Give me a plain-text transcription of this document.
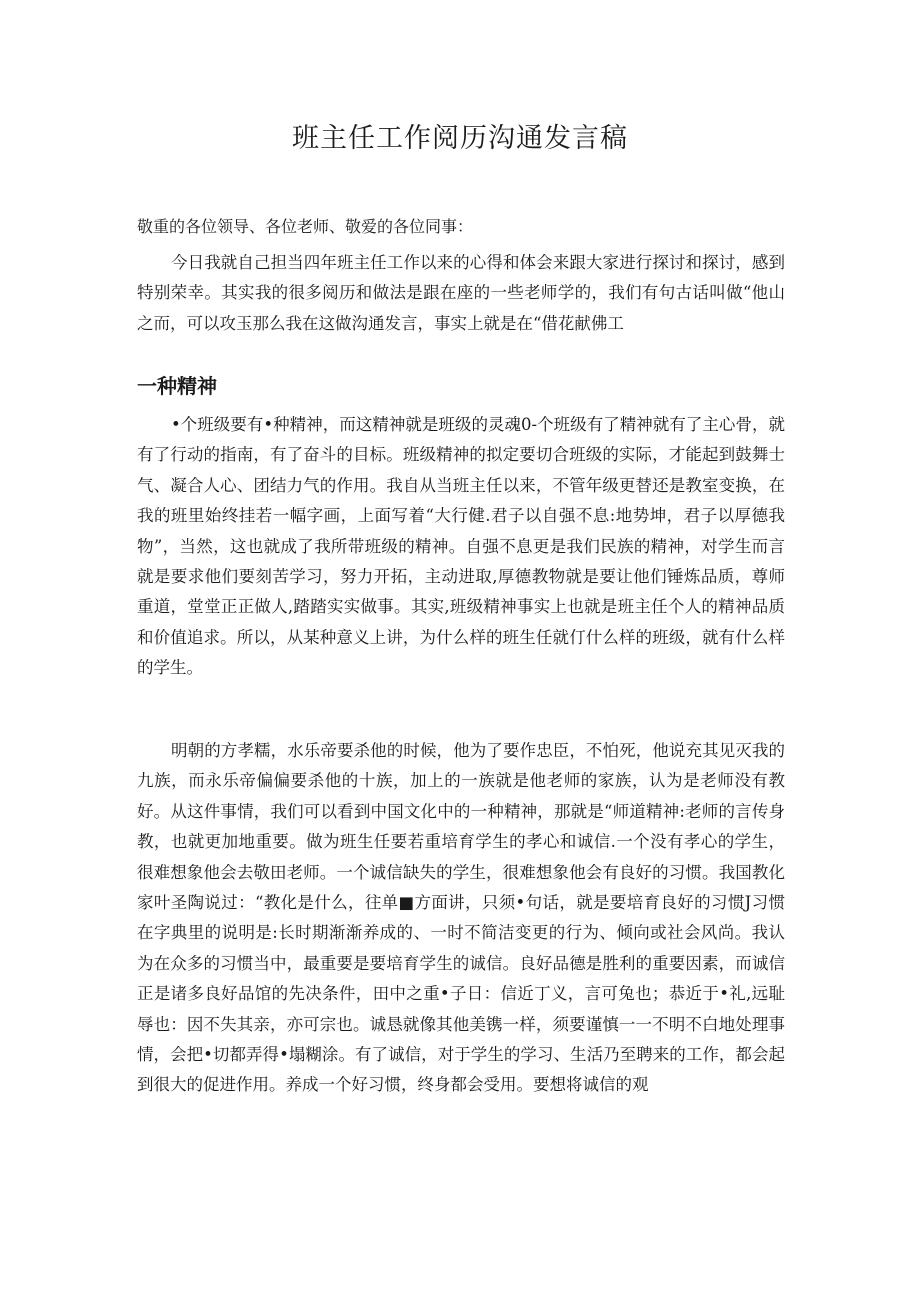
班主任工作阅历沟通发言稿

敬重的各位领导、各位老师、敬爱的各位同事：

今日我就自己担当四年班主任工作以来的心得和体会来跟大家进行探讨和探讨，感到特别荣幸。其实我的很多阅历和做法是跟在座的一些老师学的，我们有句古话叫做“他山之而，可以攻玉那么我在这做沟通发言，事实上就是在“借花献佛工

一种精神

•个班级要有•种精神，而这精神就是班级的灵魂0-个班级有了精神就有了主心骨，就有了行动的指南，有了奋斗的目标。班级精神的拟定要切合班级的实际，才能起到鼓舞士气、凝合人心、团结力气的作用。我自从当班主任以来，不管年级更替还是教室变换，在我的班里始终挂若一幅字画，上面写着“大行健.君子以自强不息:地势坤，君子以厚德我物”，当然，这也就成了我所带班级的精神。自强不息更是我们民族的精神，对学生而言就是要求他们要刻苦学习，努力开拓，主动进取,厚德教物就是要让他们锤炼品质，尊师重道，堂堂正正做人,踏踏实实做事。其实,班级精神事实上也就是班主任个人的精神品质和价值追求。所以，从某种意义上讲，为什么样的班生任就仃什么样的班级，就有什么样的学生。

明朝的方孝糯，水乐帝要杀他的时候，他为了要作忠臣，不怕死，他说充其见灭我的九族，而永乐帝偏偏要杀他的十族，加上的一族就是他老师的家族，认为是老师没有教好。从这件事情，我们可以看到中国文化中的一种精神，那就是“师道精神:老师的言传身教，也就更加地重要。做为班生任要若重培育学生的孝心和诚信.一个没有孝心的学生，很难想象他会去敬田老师。一个诚信缺失的学生，很难想象他会有良好的习惯。我国教化家叶圣陶说过：“教化是什么，往单■方面讲，只须•句话，就是要培育良好的习惯J习惯在字典里的说明是:长时期渐渐养成的、一时不简洁变更的行为、倾向或社会风尚。我认为在众多的习惯当中，最重要是要培育学生的诚信。良好品德是胜利的重要因素，而诚信正是诸多良好品馆的先决条件，田中之重•子日：信近丁义，言可兔也；恭近于•礼,远耻辱也：因不失其亲，亦可宗也。诚恳就像其他美镌一样，须要谨慎一一不明不白地处理事情，会把•切都弄得•塌糊涂。有了诚信，对于学生的学习、生活乃至聘来的工作，都会起到很大的促进作用。养成一个好习惯，终身都会受用。要想将诚信的观
